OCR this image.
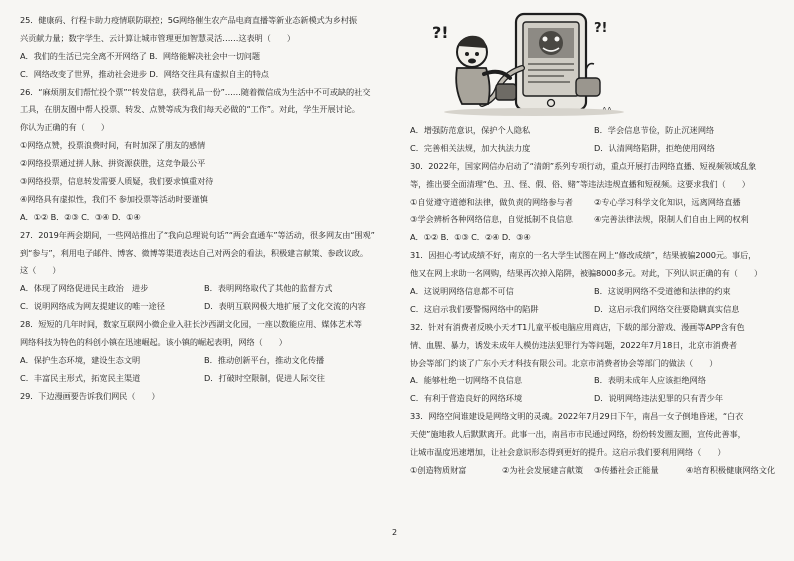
25．健康码、行程卡助力疫情联防联控；5G网络催生农产品电商直播等新业态新模式为乡村振
兴贡献力量；数字学生、云计算让城市管理更加智慧灵活……这表明（　　）
A．我们的生活已完全离不开网络了 B．网络能解决社会中一切问题
C．网络改变了世界，推动社会进步 D．网络交往具有虚拟自主的特点
26．“麻烦朋友们帮忙投个票”“转发信息，获得礼品一份”……随着微信成为生活中不可或缺的社交
工具，在朋友圈中帮人投票、转发、点赞等成为我们每天必做的“工作”。对此，学生开展讨论。
你认为正确的有（　　）
①网络点赞，投票浪费时间，有时加深了朋友的感情
②网络投票通过拼人脉、拼资源获胜，这竞争最公平
③网络投票，信息转发需要人质疑，我们要求慎重对待
④网络具有虚拟性，我们不 参加投票等活动时要谨慎
A．①② B．②③ C．③④ D．①④
27．2019年两会期间，一些网站推出了“我向总理说句话”“两会直通车”等活动，很多网友由“围观”
到“参与”，利用电子邮件、博客、微博等渠道表达自己对两会的看法，积极建言献策、参政议政。
这（　　）
A．体现了网络促进民主政治　进步	B．表明网络取代了其他的监督方式
C．说明网络成为网友提建议的唯一途径	D．表明互联网极大地扩展了文化交流的内容
28．短短的几年时间，数家互联网小微企业入驻长沙西湖文化园，一座以数能应用、媒体艺术等
网络科技为特色的科创小镇在迅速崛起。该小镇的崛起表明，网络（　　）
A．保护生态环境，建设生态文明	B．推动创新平台，推动文化传播
C．丰富民主形式，拓宽民主渠道	D．打破时空限制，促进人际交往
29．下边漫画要告诉我们网民（　　）
?!	?!
A．增强防范意识，保护个人隐私	B．学会信息节俭，防止沉迷网络
C．完善相关法规，加大执法力度	D．认清网络陷阱，拒绝使用网络
30．2022年，国家网信办启动了“清朗”系列专项行动，重点开展打击网络直播、短视频领域乱象
等，推出要全面清理“色、丑、怪、假、俗、赌”等违法违规直播和短视频。这要求我们（　　）
①自觉遵守道德和法律，做负责的网络参与者	②专心学习科学文化知识，远离网络直播
③学会辨析各种网络信息，自觉抵制不良信息	④完善法律法规，限制人们自由上网的权利
A．①② B．①③ C．②④ D．③④
31．因担心考试成绩不好，南京的一名大学生试图在网上“修改成绩”，结果被骗2000元。事后，
他又在网上求助一名网购，结果再次掉入陷阱，被骗8000多元。对此，下列认识正确的有（　　）
A．这说明网络信息都不可信	B．这说明网络不受道德和法律的约束
C．这启示我们要警惕网络中的陷阱	D．这启示我们网络交往要隐瞒真实信息
32．针对有消费者反映小天才T1儿童平板电脑应用商店，下载的部分游戏、漫画等APP含有色
情、血腥、暴力，诱发未成年人模仿违法犯罪行为等问题，2022年7月18日，北京市消费者
协会等部门约谈了广东小天才科技有限公司。北京市消费者协会等部门的做法（　　）
A．能够杜绝一切网络不良信息	B．表明未成年人应该拒绝网络
C．有利于营造良好的网络环境	D．说明网络违法犯罪的只有青少年
33．网络空间谁建设是网络文明的灵魂。2022年7月29日下午，南昌一女子倒地昏迷，“白衣
天使”施地救人后默默离开。此事一出，南昌市市民通过网络，纷纷转发圈友圈，宣传此善事，
让城市温度迅速增加，让社会意识形态得到更好的提升。这启示我们要利用网络（　　）
①创造物质财富	②为社会发展建言献策	③传播社会正能量	④培育积极健康网络文化
2
